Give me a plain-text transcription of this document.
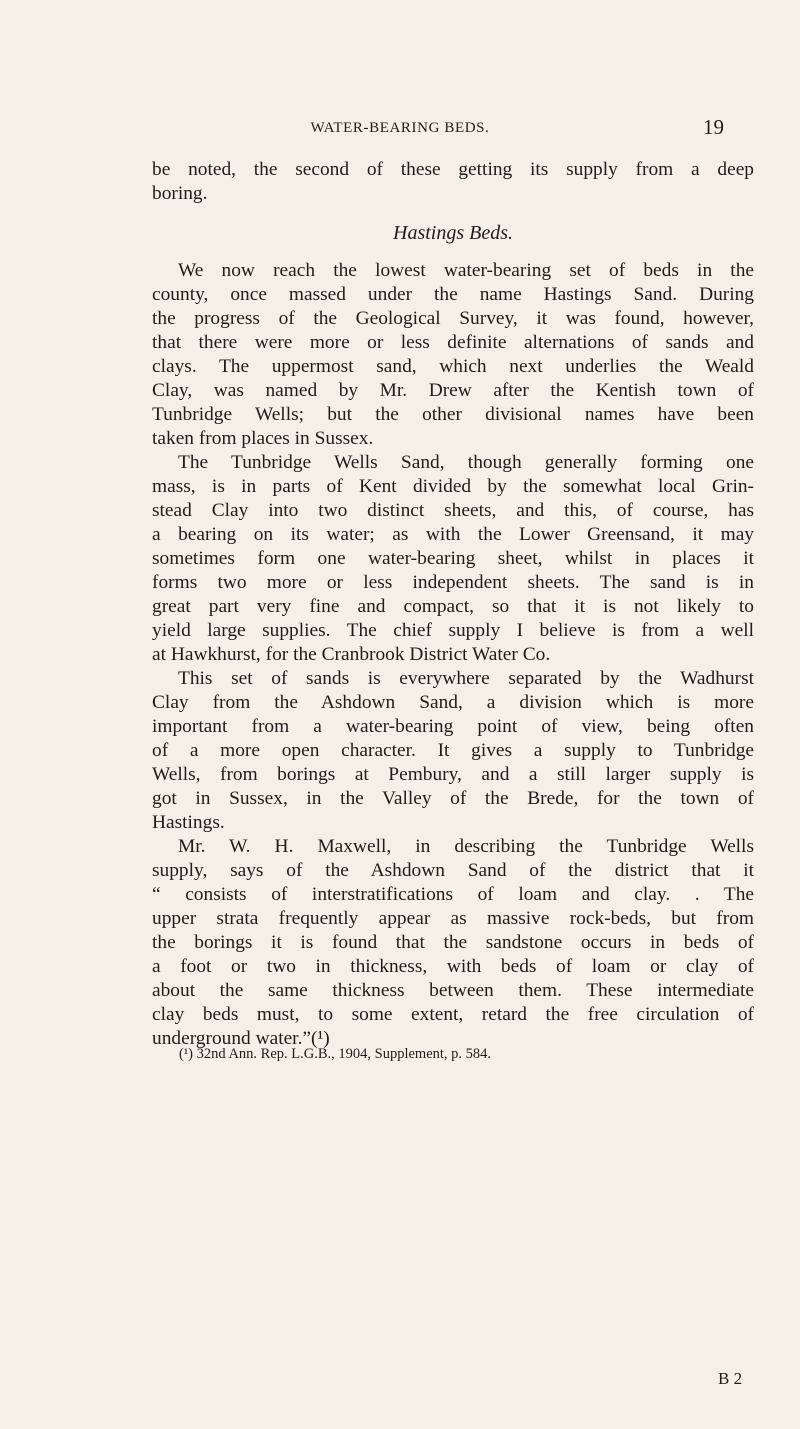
WATER-BEARING BEDS.	19

be noted, the second of these getting its supply from a deep
boring.

Hastings Beds.

We now reach the lowest water-bearing set of beds in the
county, once massed under the name Hastings Sand. During
the progress of the Geological Survey, it was found, however,
that there were more or less definite alternations of sands and
clays. The uppermost sand, which next underlies the Weald
Clay, was named by Mr. Drew after the Kentish town of
Tunbridge Wells; but the other divisional names have been
taken from places in Sussex.

The Tunbridge Wells Sand, though generally forming one
mass, is in parts of Kent divided by the somewhat local Grin-
stead Clay into two distinct sheets, and this, of course, has
a bearing on its water; as with the Lower Greensand, it may
sometimes form one water-bearing sheet, whilst in places it
forms two more or less independent sheets. The sand is in
great part very fine and compact, so that it is not likely to
yield large supplies. The chief supply I believe is from a well
at Hawkhurst, for the Cranbrook District Water Co.

This set of sands is everywhere separated by the Wadhurst
Clay from the Ashdown Sand, a division which is more
important from a water-bearing point of view, being often
of a more open character. It gives a supply to Tunbridge
Wells, from borings at Pembury, and a still larger supply is
got in Sussex, in the Valley of the Brede, for the town of
Hastings.

Mr. W. H. Maxwell, in describing the Tunbridge Wells
supply, says of the Ashdown Sand of the district that it
“ consists of interstratifications of loam and clay. . The
upper strata frequently appear as massive rock-beds, but from
the borings it is found that the sandstone occurs in beds of
a foot or two in thickness, with beds of loam or clay of
about the same thickness between them. These intermediate
clay beds must, to some extent, retard the free circulation of
underground water.”(¹)

(¹) 32nd Ann. Rep. L.G.B., 1904, Supplement, p. 584.
B 2
